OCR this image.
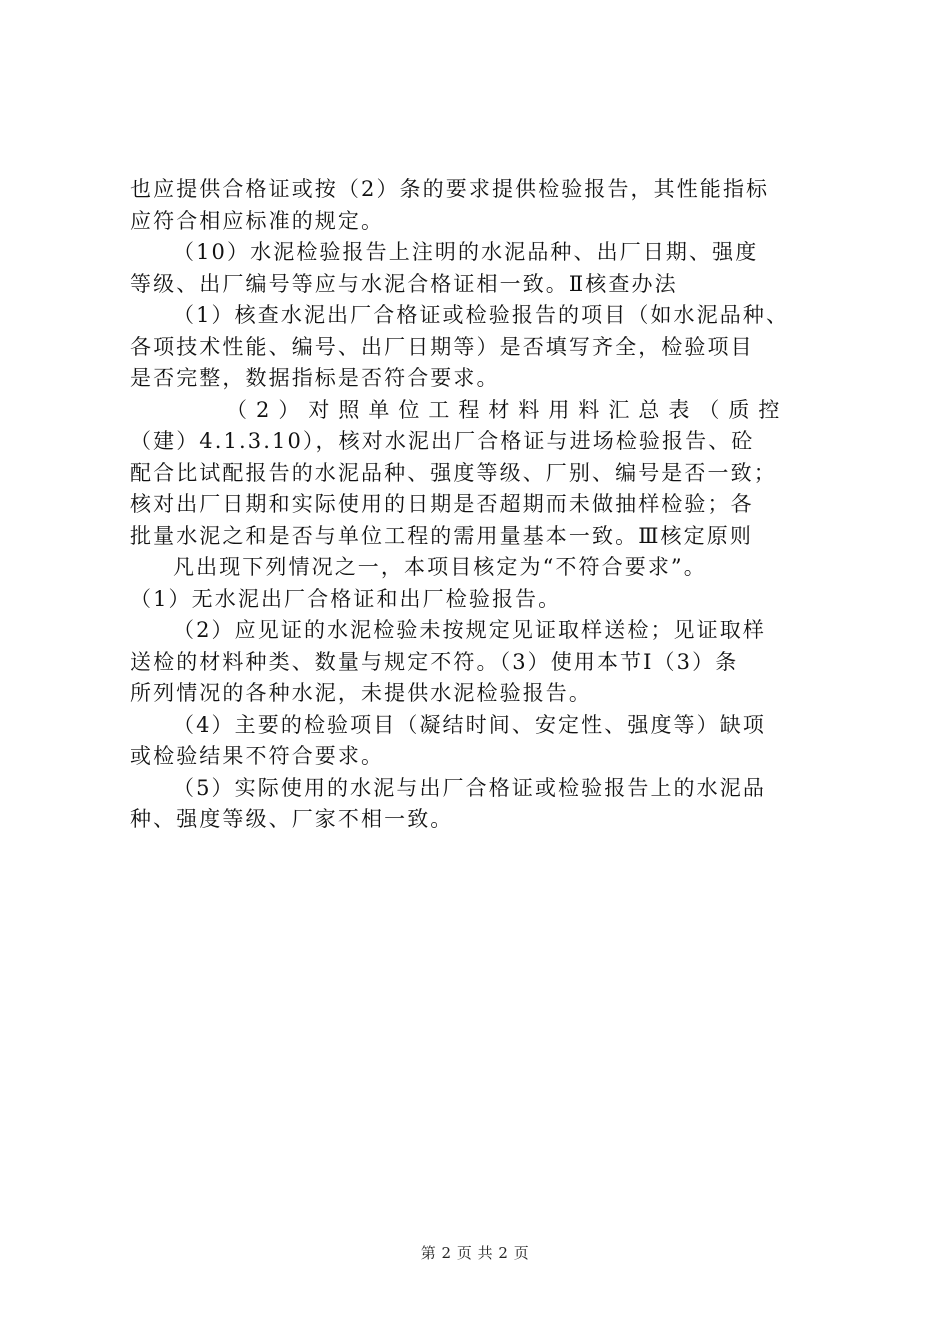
也应提供合格证或按（2）条的要求提供检验报告，其性能指标
应符合相应标准的规定。
（10）水泥检验报告上注明的水泥品种、出厂日期、强度
等级、出厂编号等应与水泥合格证相一致。Ⅱ核查办法
（1）核查水泥出厂合格证或检验报告的项目（如水泥品种、
各项技术性能、编号、出厂日期等）是否填写齐全，检验项目
是否完整，数据指标是否符合要求。
（2）对照单位工程材料用料汇总表（质控
（建）4.1.3.10），核对水泥出厂合格证与进场检验报告、砼
配合比试配报告的水泥品种、强度等级、厂别、编号是否一致；
核对出厂日期和实际使用的日期是否超期而未做抽样检验；各
批量水泥之和是否与单位工程的需用量基本一致。Ⅲ核定原则
凡出现下列情况之一，本项目核定为“不符合要求”。
（1）无水泥出厂合格证和出厂检验报告。
（2）应见证的水泥检验未按规定见证取样送检；见证取样
送检的材料种类、数量与规定不符。（3）使用本节Ⅰ（3）条
所列情况的各种水泥，未提供水泥检验报告。
（4）主要的检验项目（凝结时间、安定性、强度等）缺项
或检验结果不符合要求。
（5）实际使用的水泥与出厂合格证或检验报告上的水泥品
种、强度等级、厂家不相一致。
第 2 页 共 2 页
